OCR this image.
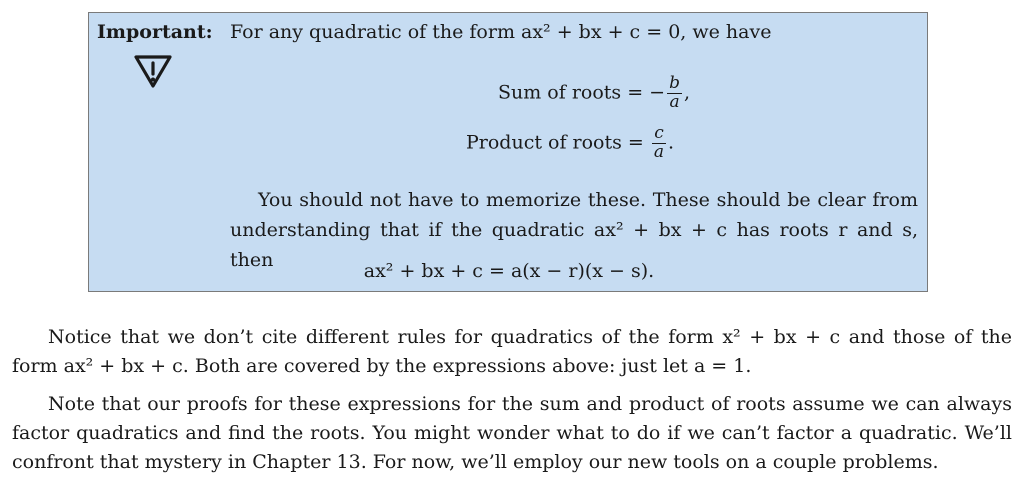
Important: For any quadratic of the form ax² + bx + c = 0, we have
Sum of roots = − $\frac{b}{a}$ ,
Product of roots = $\frac{c}{a}$ .
You should not have to memorize these. These should be clear from understanding that if the quadratic ax² + bx + c has roots r and s, then	ax² + bx + c = a(x − r)(x − s).
Notice that we don’t cite different rules for quadratics of the form x² + bx + c and those of the form ax² + bx + c. Both are covered by the expressions above: just let a = 1.
Note that our proofs for these expressions for the sum and product of roots assume we can always factor quadratics and find the roots. You might wonder what to do if we can’t factor a quadratic. We’ll confront that mystery in Chapter 13. For now, we’ll employ our new tools on a couple problems.
